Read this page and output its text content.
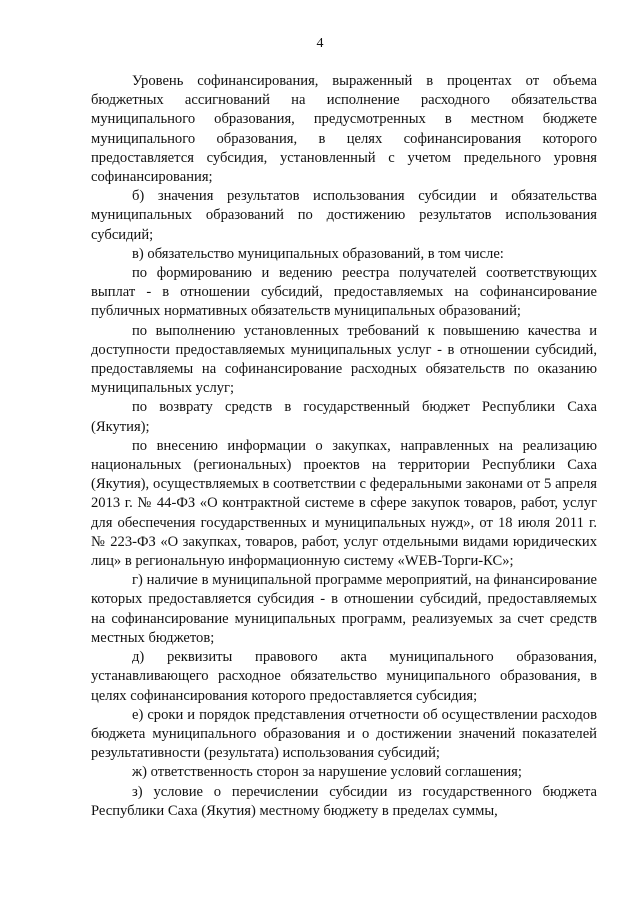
4

Уровень софинансирования, выраженный в процентах от объема бюджетных ассигнований на исполнение расходного обязательства муниципального образования, предусмотренных в местном бюджете муниципального образования, в целях софинансирования которого предоставляется субсидия, установленный с учетом предельного уровня софинансирования;

б) значения результатов использования субсидии и обязательства муниципальных образований по достижению результатов использования субсидий;

в) обязательство муниципальных образований, в том числе:

по формированию и ведению реестра получателей соответствующих выплат - в отношении субсидий, предоставляемых на софинансирование публичных нормативных обязательств муниципальных образований;

по выполнению установленных требований к повышению качества и доступности предоставляемых муниципальных услуг - в отношении субсидий, предоставляемы на софинансирование расходных обязательств по оказанию муниципальных услуг;

по возврату средств в государственный бюджет Республики Саха (Якутия);

по внесению информации о закупках, направленных на реализацию национальных (региональных) проектов на территории Республики Саха (Якутия), осуществляемых в соответствии с федеральными законами от 5 апреля 2013 г. № 44-ФЗ «О контрактной системе в сфере закупок товаров, работ, услуг для обеспечения государственных и муниципальных нужд», от 18 июля 2011 г. № 223-ФЗ «О закупках, товаров, работ, услуг отдельными видами юридических лиц» в региональную информационную систему «WEB-Торги-КС»;

г) наличие в муниципальной программе мероприятий, на финансирование которых предоставляется субсидия - в отношении субсидий, предоставляемых на софинансирование муниципальных программ, реализуемых за счет средств местных бюджетов;

д) реквизиты правового акта муниципального образования, устанавливающего расходное обязательство муниципального образования, в целях софинансирования которого предоставляется субсидия;

е) сроки и порядок представления отчетности об осуществлении расходов бюджета муниципального образования и о достижении значений показателей результативности (результата) использования субсидий;

ж) ответственность сторон за нарушение условий соглашения;

з) условие о перечислении субсидии из государственного бюджета Республики Саха (Якутия) местному бюджету в пределах суммы,
